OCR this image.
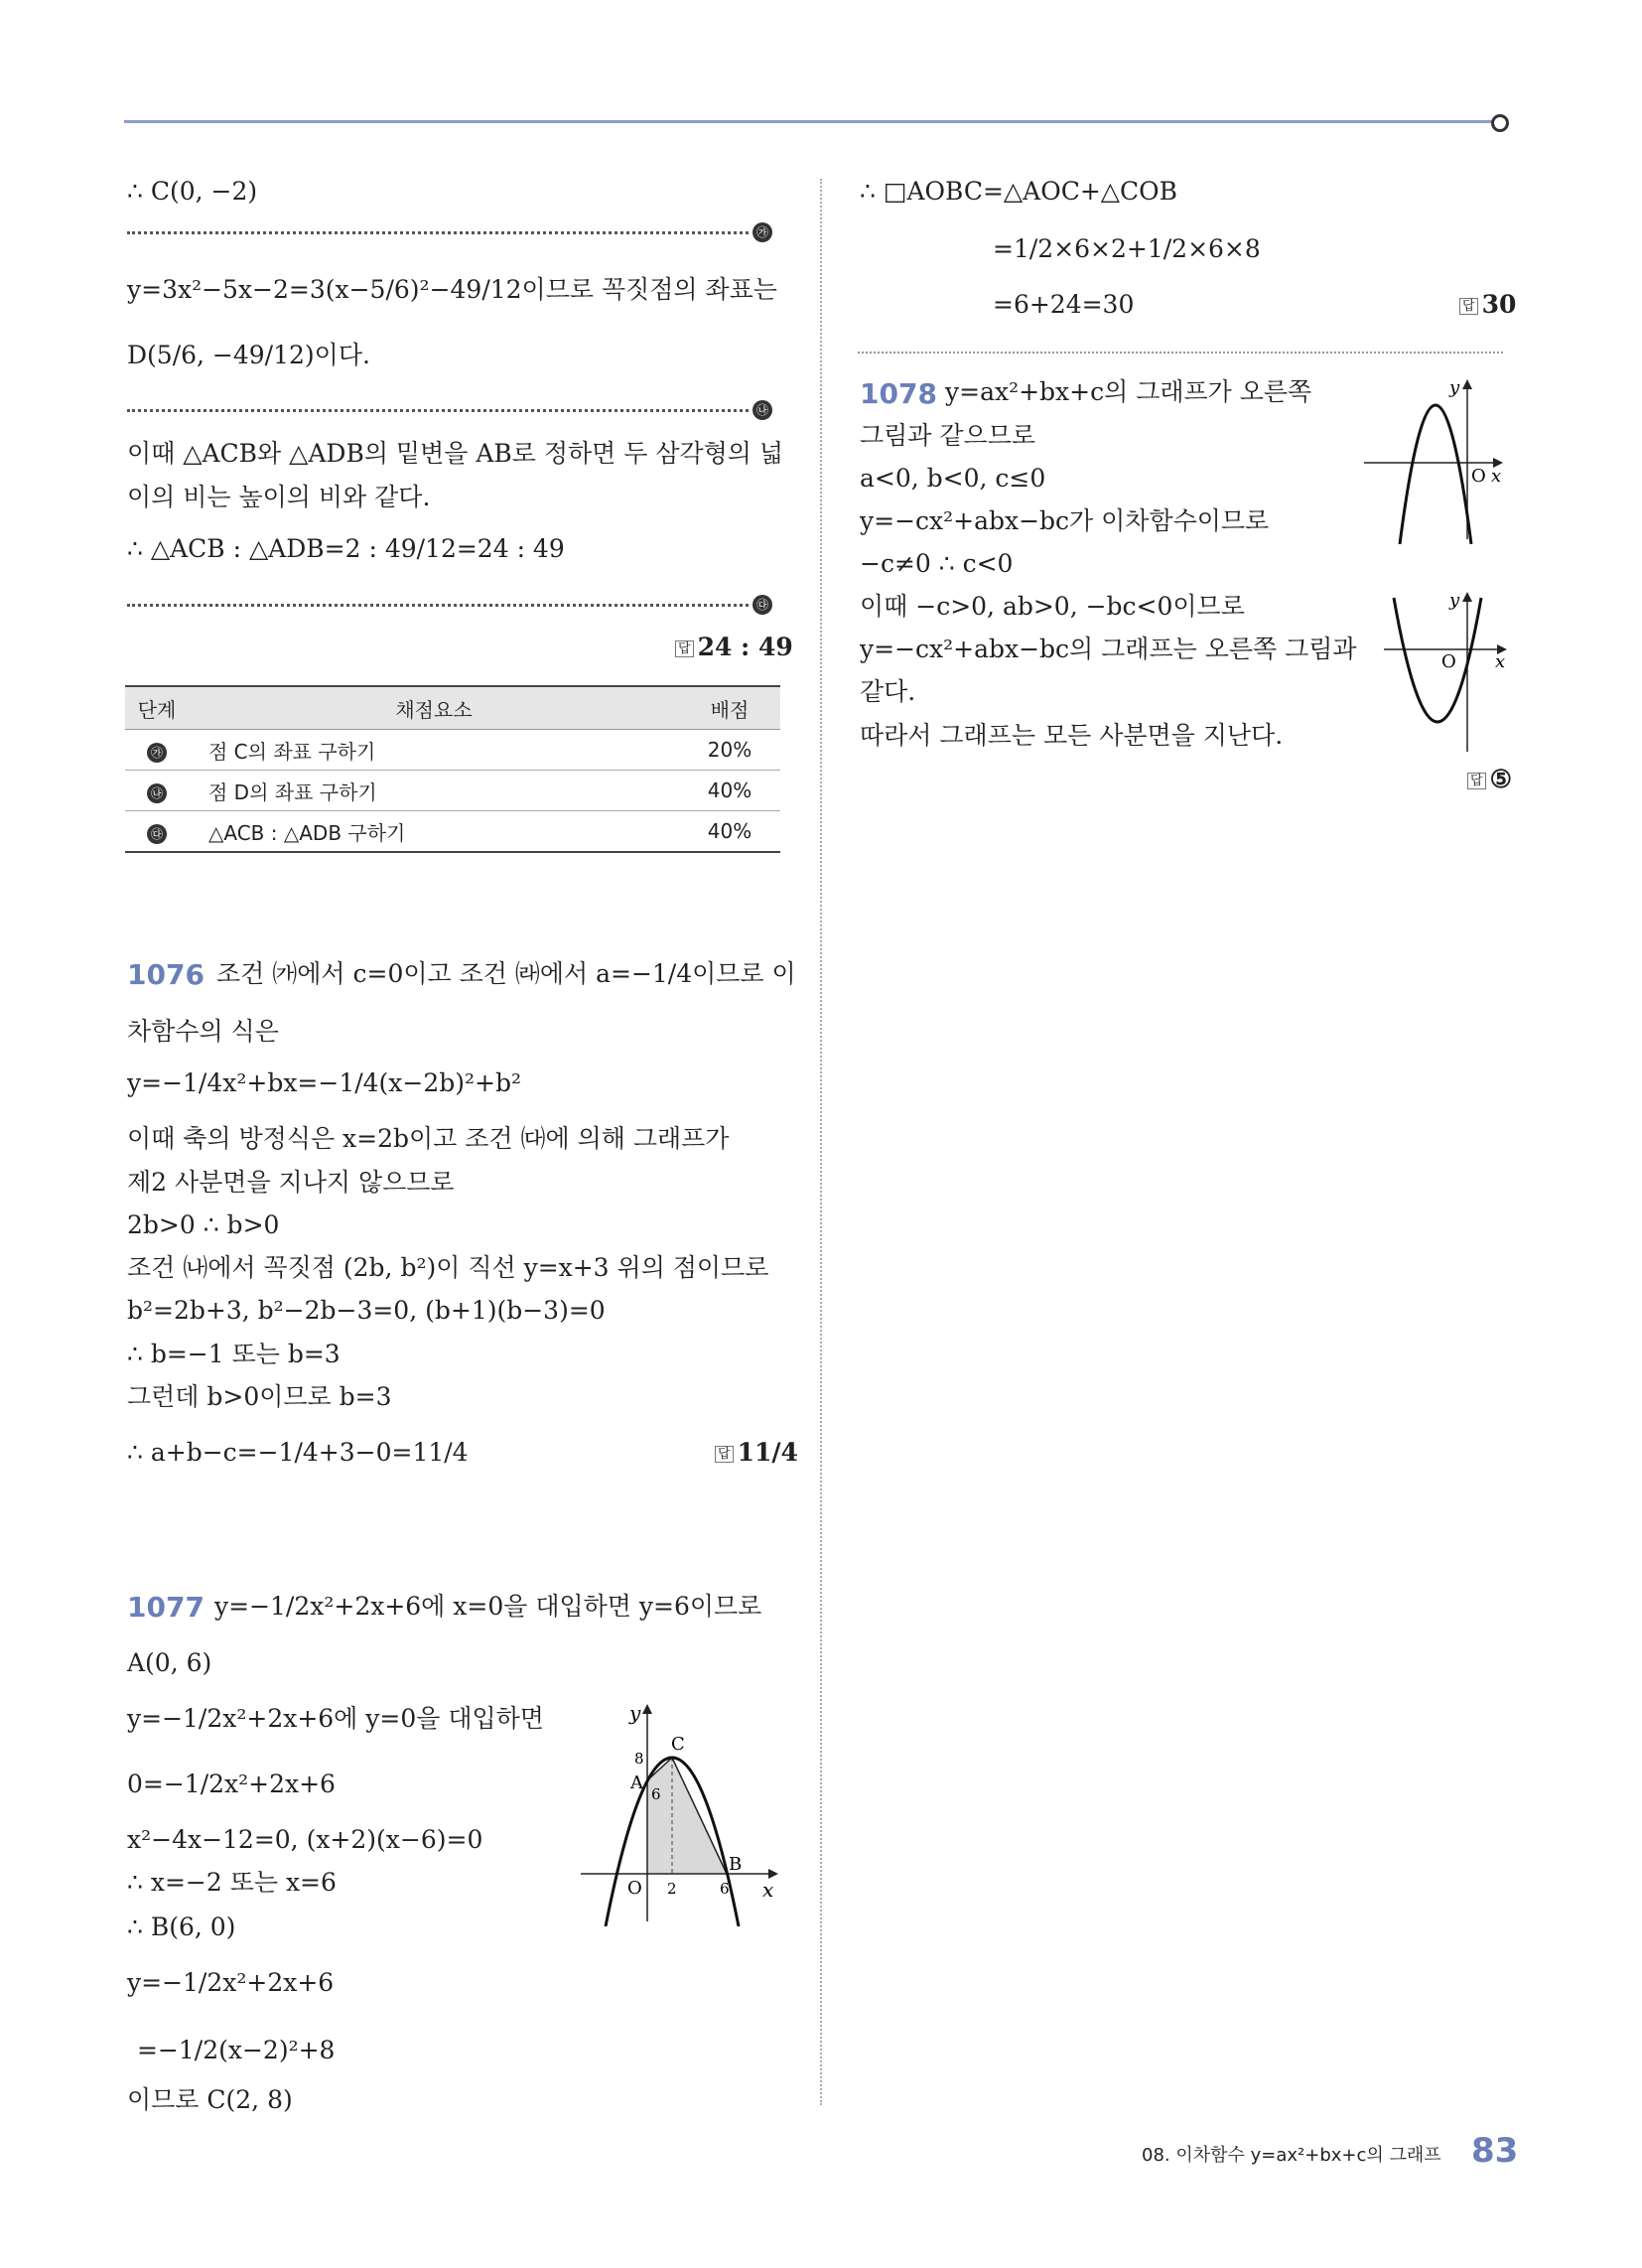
∴ C(0, −2)
㉮
y=3x²−5x−2=3(x−5/6)²−49/12이므로 꼭짓점의 좌표는
D(5/6, −49/12)이다.
㉯
이때 △ACB와 △ADB의 밑변을 AB로 정하면 두 삼각형의 넓
이의 비는 높이의 비와 같다.
∴ △ACB : △ADB=2 : 49/12=24 : 49
㉰
답 24 : 49
단계	채점요소	배점
㉮	점 C의 좌표 구하기	20%
㉯	점 D의 좌표 구하기	40%
㉰	△ACB : △ADB 구하기	40%
1076 조건 ㈎에서 c=0이고 조건 ㈑에서 a=−1/4이므로 이
차함수의 식은
y=−1/4x²+bx=−1/4(x−2b)²+b²
이때 축의 방정식은 x=2b이고 조건 ㈐에 의해 그래프가
제2 사분면을 지나지 않으므로
2b>0 ∴ b>0
조건 ㈏에서 꼭짓점 (2b, b²)이 직선 y=x+3 위의 점이므로
b²=2b+3, b²−2b−3=0, (b+1)(b−3)=0
∴ b=−1 또는 b=3
그런데 b>0이므로 b=3
∴ a+b−c=−1/4+3−0=11/4	답 11/4
1077 y=−1/2x²+2x+6에 x=0을 대입하면 y=6이므로
A(0, 6)
y=−1/2x²+2x+6에 y=0을 대입하면
0=−1/2x²+2x+6
x²−4x−12=0, (x+2)(x−6)=0
∴ x=−2 또는 x=6
∴ B(6, 0)
y=−1/2x²+2x+6
=−1/2(x−2)²+8
이므로 C(2, 8)
y
x
O
A
B
C
8
6
2	6
∴ □AOBC=△AOC+△COB
=1/2×6×2+1/2×6×8
=6+24=30	답 30
1078 y=ax²+bx+c의 그래프가 오른쪽
그림과 같으므로
a<0, b<0, c≤0
y=−cx²+abx−bc가 이차함수이므로
−c≠0 ∴ c<0
이때 −c>0, ab>0, −bc<0이므로
y=−cx²+abx−bc의 그래프는 오른쪽 그림과
같다.
따라서 그래프는 모든 사분면을 지난다.
답 ⑤
y
O x
y
O x
08. 이차함수 y=ax²+bx+c의 그래프 83
